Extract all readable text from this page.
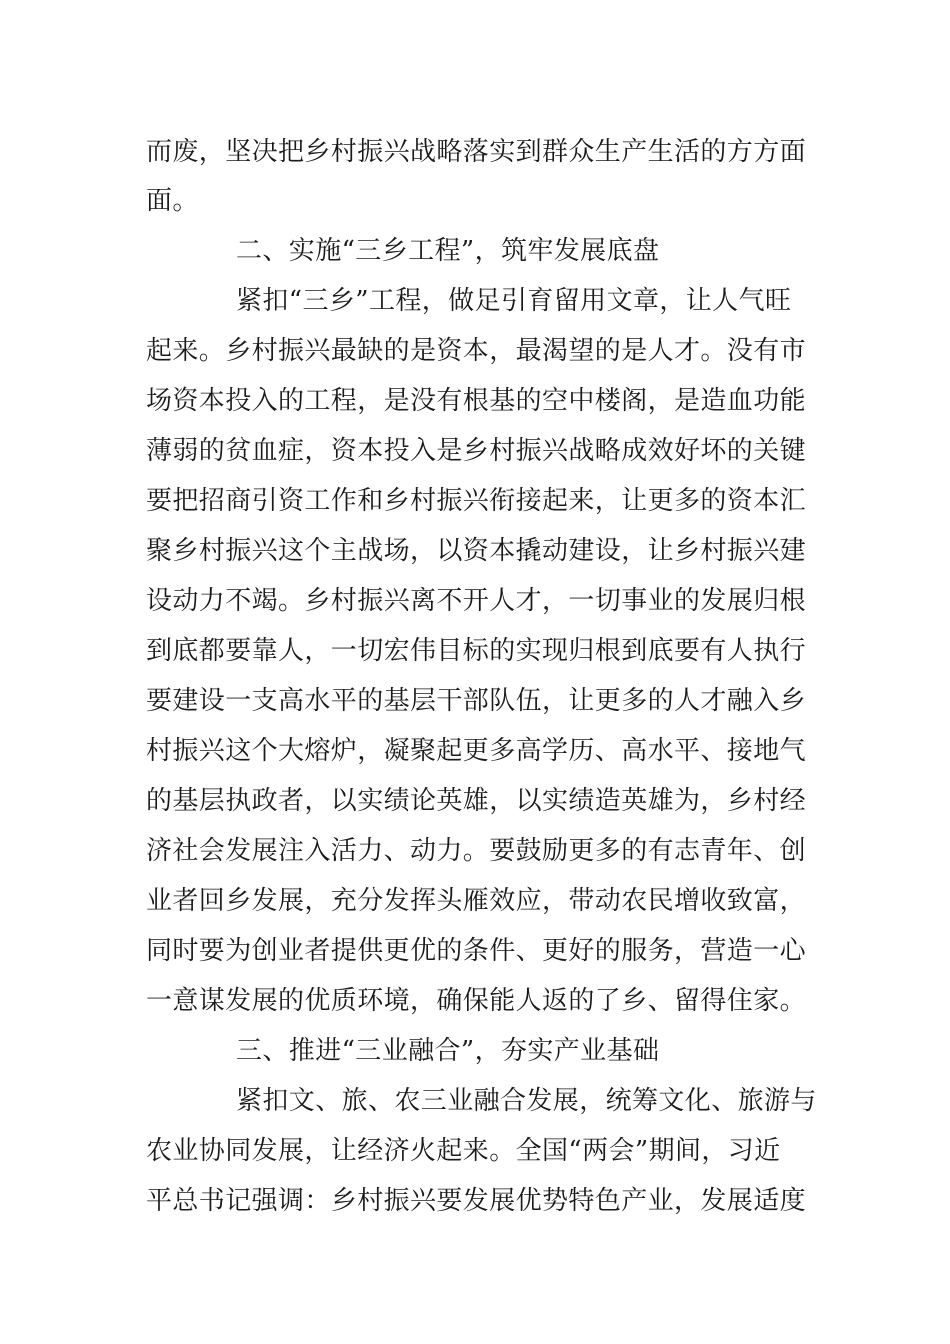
而废，坚决把乡村振兴战略落实到群众生产生活的方方面
面。
二、实施“三乡工程”，筑牢发展底盘
紧扣“三乡”工程，做足引育留用文章，让人气旺
起来。乡村振兴最缺的是资本，最渴望的是人才。没有市
场资本投入的工程，是没有根基的空中楼阁，是造血功能
薄弱的贫血症，资本投入是乡村振兴战略成效好坏的关键
要把招商引资工作和乡村振兴衔接起来，让更多的资本汇
聚乡村振兴这个主战场，以资本撬动建设，让乡村振兴建
设动力不竭。乡村振兴离不开人才，一切事业的发展归根
到底都要靠人，一切宏伟目标的实现归根到底要有人执行
要建设一支高水平的基层干部队伍，让更多的人才融入乡
村振兴这个大熔炉，凝聚起更多高学历、高水平、接地气
的基层执政者，以实绩论英雄，以实绩造英雄为，乡村经
济社会发展注入活力、动力。要鼓励更多的有志青年、创
业者回乡发展，充分发挥头雁效应，带动农民增收致富，
同时要为创业者提供更优的条件、更好的服务，营造一心
一意谋发展的优质环境，确保能人返的了乡、留得住家。
三、推进“三业融合”，夯实产业基础
紧扣文、旅、农三业融合发展，统筹文化、旅游与
农业协同发展，让经济火起来。全国“两会”期间，习近
平总书记强调：乡村振兴要发展优势特色产业，发展适度
